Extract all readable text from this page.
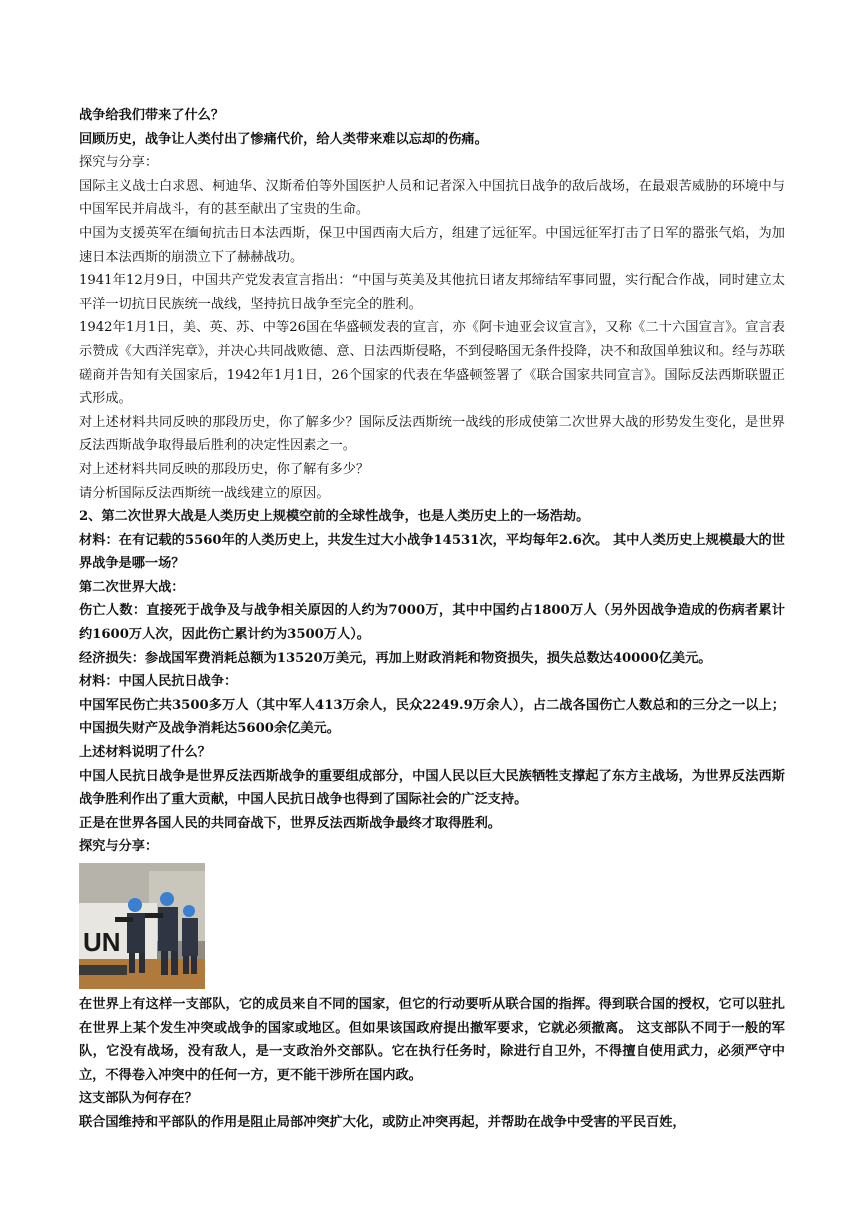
战争给我们带来了什么？

回顾历史，战争让人类付出了惨痛代价，给人类带来难以忘却的伤痛。

探究与分享：

国际主义战士白求恩、柯迪华、汉斯希伯等外国医护人员和记者深入中国抗日战争的敌后战场，在最艰苦威胁的环境中与中国军民并肩战斗，有的甚至献出了宝贵的生命。

中国为支援英军在缅甸抗击日本法西斯，保卫中国西南大后方，组建了远征军。中国远征军打击了日军的嚣张气焰，为加速日本法西斯的崩溃立下了赫赫战功。

1941年12月9日，中国共产党发表宣言指出：“中国与英美及其他抗日诸友邦缔结军事同盟，实行配合作战，同时建立太平洋一切抗日民族统一战线，坚持抗日战争至完全的胜利。

1942年1月1日，美、英、苏、中等26国在华盛顿发表的宣言，亦《阿卡迪亚会议宣言》，又称《二十六国宣言》。宣言表示赞成《大西洋宪章》，并决心共同战败德、意、日法西斯侵略，不到侵略国无条件投降，决不和敌国单独议和。经与苏联磋商并告知有关国家后，1942年1月1日，26个国家的代表在华盛顿签署了《联合国家共同宣言》。国际反法西斯联盟正式形成。

对上述材料共同反映的那段历史，你了解多少？国际反法西斯统一战线的形成使第二次世界大战的形势发生变化，是世界反法西斯战争取得最后胜利的决定性因素之一。

对上述材料共同反映的那段历史，你了解有多少？

请分析国际反法西斯统一战线建立的原因。

2、第二次世界大战是人类历史上规模空前的全球性战争，也是人类历史上的一场浩劫。

材料：在有记载的5560年的人类历史上，共发生过大小战争14531次，平均每年2.6次。 其中人类历史上规模最大的世界战争是哪一场？

第二次世界大战：

伤亡人数：直接死于战争及与战争相关原因的人约为7000万，其中中国约占1800万人（另外因战争造成的伤病者累计约1600万人次，因此伤亡累计约为3500万人）。

经济损失：参战国军费消耗总额为13520万美元，再加上财政消耗和物资损失，损失总数达40000亿美元。

材料：中国人民抗日战争：

中国军民伤亡共3500多万人（其中军人413万余人，民众2249.9万余人），占二战各国伤亡人数总和的三分之一以上；中国损失财产及战争消耗达5600余亿美元。

上述材料说明了什么？

中国人民抗日战争是世界反法西斯战争的重要组成部分，中国人民以巨大民族牺牲支撑起了东方主战场，为世界反法西斯战争胜利作出了重大贡献，中国人民抗日战争也得到了国际社会的广泛支持。

正是在世界各国人民的共同奋战下，世界反法西斯战争最终才取得胜利。

探究与分享：

UN

在世界上有这样一支部队，它的成员来自不同的国家，但它的行动要听从联合国的指挥。得到联合国的授权，它可以驻扎在世界上某个发生冲突或战争的国家或地区。但如果该国政府提出撤军要求，它就必须撤离。 这支部队不同于一般的军队，它没有战场，没有敌人，是一支政治外交部队。它在执行任务时，除进行自卫外，不得擅自使用武力，必须严守中立，不得卷入冲突中的任何一方，更不能干涉所在国内政。

这支部队为何存在？

联合国维持和平部队的作用是阻止局部冲突扩大化，或防止冲突再起，并帮助在战争中受害的平民百姓，
